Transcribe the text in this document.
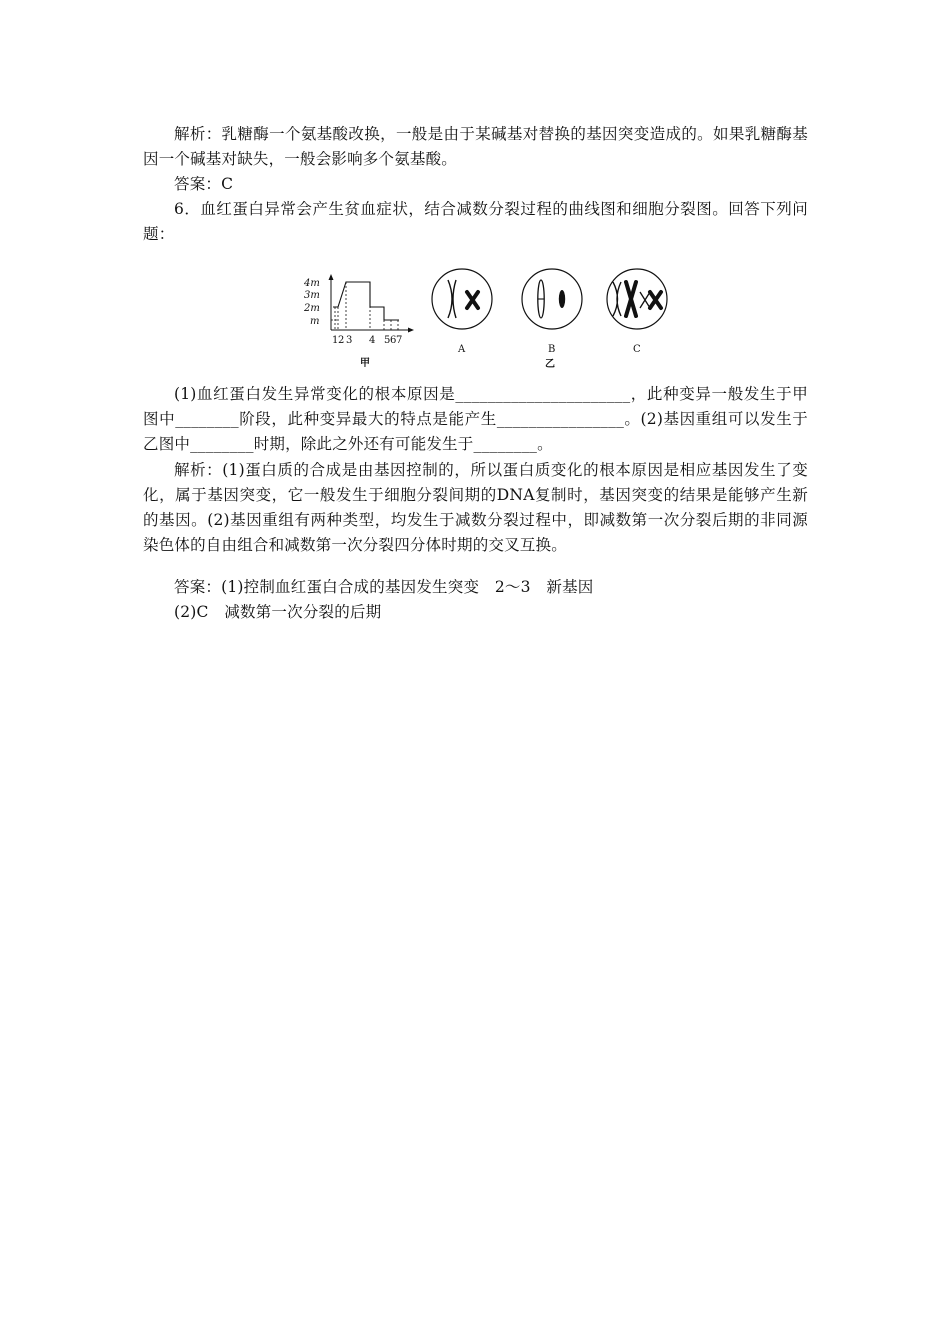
解析：乳糖酶一个氨基酸改换，一般是由于某碱基对替换的基因突变造成的。如果乳糖酶基因一个碱基对缺失，一般会影响多个氨基酸。
答案：C
6．血红蛋白异常会产生贫血症状，结合减数分裂过程的曲线图和细胞分裂图。回答下列问题：
4m
3m
2m
m
1 2 3 4 5 6 7
甲
A	B
乙
C
(1)血红蛋白发生异常变化的根本原因是______________________，此种变异一般发生于甲图中________阶段，此种变异最大的特点是能产生________________。(2)基因重组可以发生于乙图中________时期，除此之外还有可能发生于________。
解析：(1)蛋白质的合成是由基因控制的，所以蛋白质变化的根本原因是相应基因发生了变化，属于基因突变，它一般发生于细胞分裂间期的DNA复制时，基因突变的结果是能够产生新的基因。(2)基因重组有两种类型，均发生于减数分裂过程中，即减数第一次分裂后期的非同源染色体的自由组合和减数第一次分裂四分体时期的交叉互换。
答案：(1)控制血红蛋白合成的基因发生突变　2～3　新基因
(2)C　减数第一次分裂的后期
